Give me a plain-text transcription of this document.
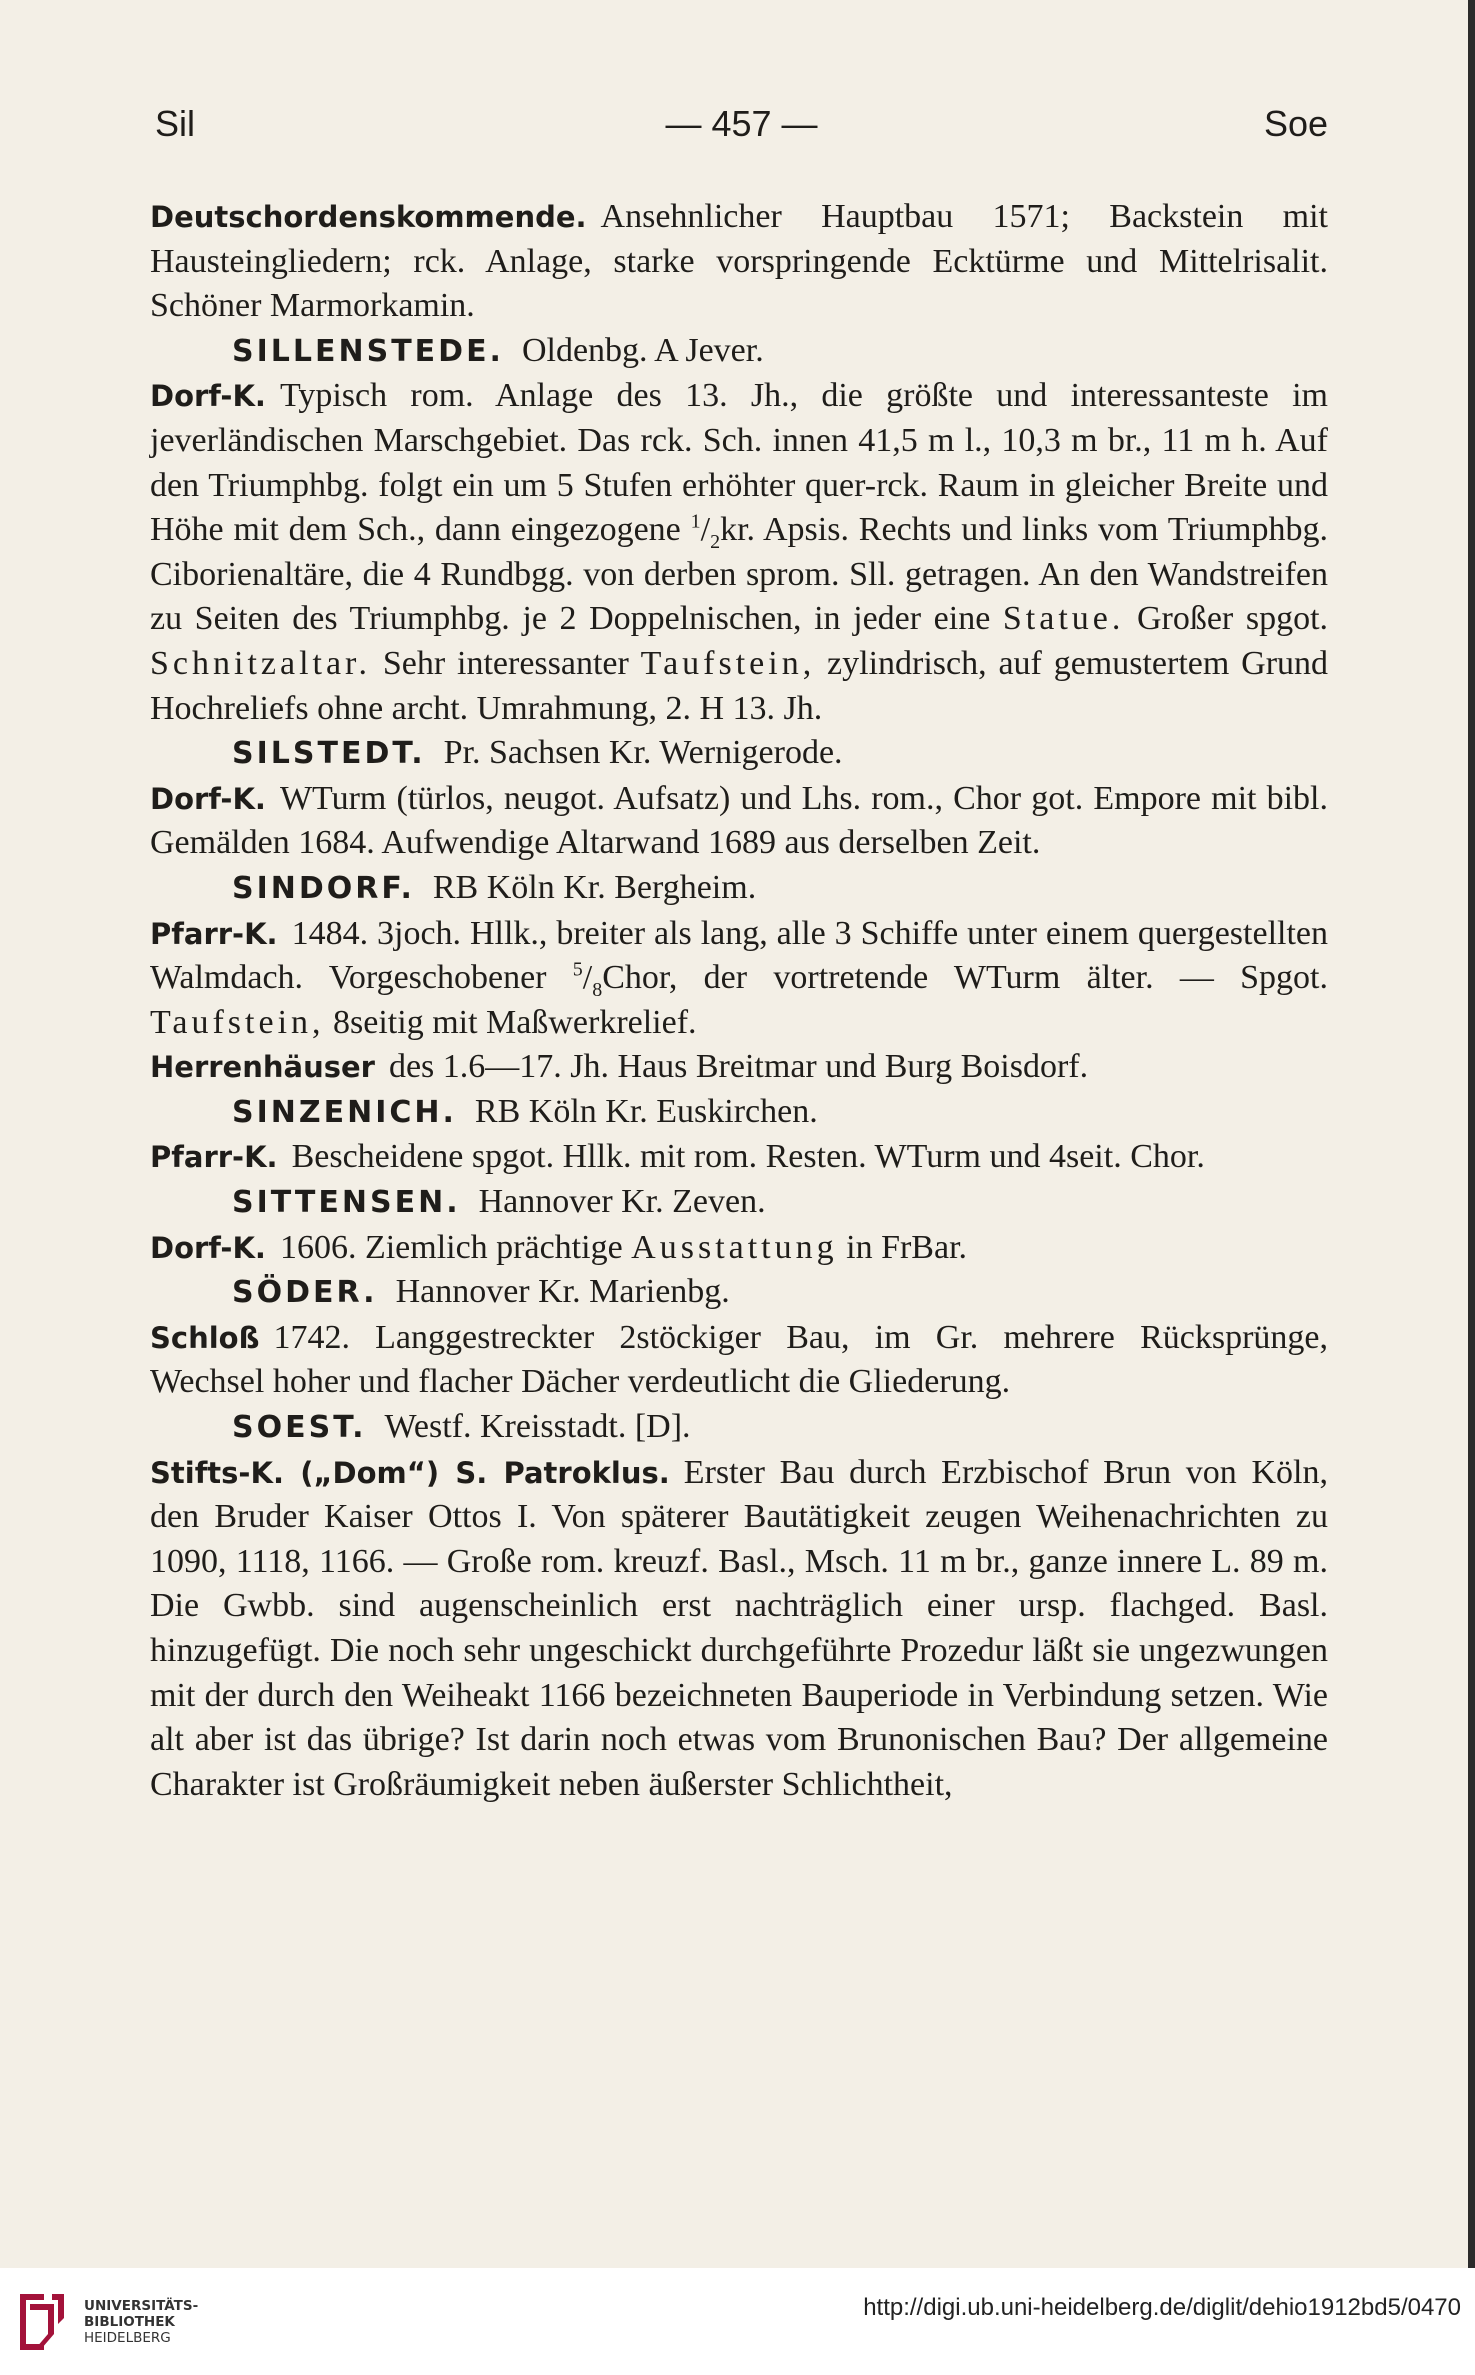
Sil	— 457 —	Soe

Deutschordenskommende. Ansehnlicher Hauptbau 1571; Backstein mit Hausteingliedern; rck. Anlage, starke vorspringende Ecktürme und Mittelrisalit. Schöner Marmorkamin.

SILLENSTEDE. Oldenbg. A Jever.

Dorf-K. Typisch rom. Anlage des 13. Jh., die größte und interessanteste im jeverländischen Marschgebiet. Das rck. Sch. innen 41,5 m l., 10,3 m br., 11 m h. Auf den Triumphbg. folgt ein um 5 Stufen erhöhter quer-rck. Raum in gleicher Breite und Höhe mit dem Sch., dann eingezogene $^1/_2kr$. Apsis. Rechts und links vom Triumphbg. Ciborienaltäre, die 4 Rundbgg. von derben sprom. Sll. getragen. An den Wandstreifen zu Seiten des Triumphbg. je 2 Doppelnischen, in jeder eine Statue. Großer spgot. Schnitzaltar. Sehr interessanter Taufstein, zylindrisch, auf gemustertem Grund Hochreliefs ohne archt. Umrahmung, 2. H 13. Jh.

SILSTEDT. Pr. Sachsen Kr. Wernigerode.

Dorf-K. WTurm (türlos, neugot. Aufsatz) und Lhs. rom., Chor got. Empore mit bibl. Gemälden 1684. Aufwendige Altarwand 1689 aus derselben Zeit.

SINDORF. RB Köln Kr. Bergheim.

Pfarr-K. 1484. 3joch. Hllk., breiter als lang, alle 3 Schiffe unter einem quergestellten Walmdach. Vorgeschobener $^5/_8Chor$, der vortretende WTurm älter. — Spgot. Taufstein, 8seitig mit Maßwerkrelief.

Herrenhäuser des 1.6—17. Jh. Haus Breitmar und Burg Boisdorf.

SINZENICH. RB Köln Kr. Euskirchen.

Pfarr-K. Bescheidene spgot. Hllk. mit rom. Resten. WTurm und 4seit. Chor.

SITTENSEN. Hannover Kr. Zeven.

Dorf-K. 1606. Ziemlich prächtige Ausstattung in FrBar.

SÖDER. Hannover Kr. Marienbg.

Schloß 1742. Langgestreckter 2stöckiger Bau, im Gr. mehrere Rücksprünge, Wechsel hoher und flacher Dächer verdeutlicht die Gliederung.

SOEST. Westf. Kreisstadt. [D].

Stifts-K. („Dom“) S. Patroklus. Erster Bau durch Erzbischof Brun von Köln, den Bruder Kaiser Ottos I. Von späterer Bautätigkeit zeugen Weihenachrichten zu 1090, 1118, 1166. — Große rom. kreuzf. Basl., Msch. 11 m br., ganze innere L. 89 m. Die Gwbb. sind augenscheinlich erst nachträglich einer ursp. flachged. Basl. hinzugefügt. Die noch sehr ungeschickt durchgeführte Prozedur läßt sie ungezwungen mit der durch den Weiheakt 1166 bezeichneten Bauperiode in Verbindung setzen. Wie alt aber ist das übrige? Ist darin noch etwas vom Brunonischen Bau? Der allgemeine Charakter ist Großräumigkeit neben äußerster Schlichtheit,

UNIVERSITÄTS-
BIBLIOTHEK
HEIDELBERG
http://digi.ub.uni-heidelberg.de/diglit/dehio1912bd5/0470
